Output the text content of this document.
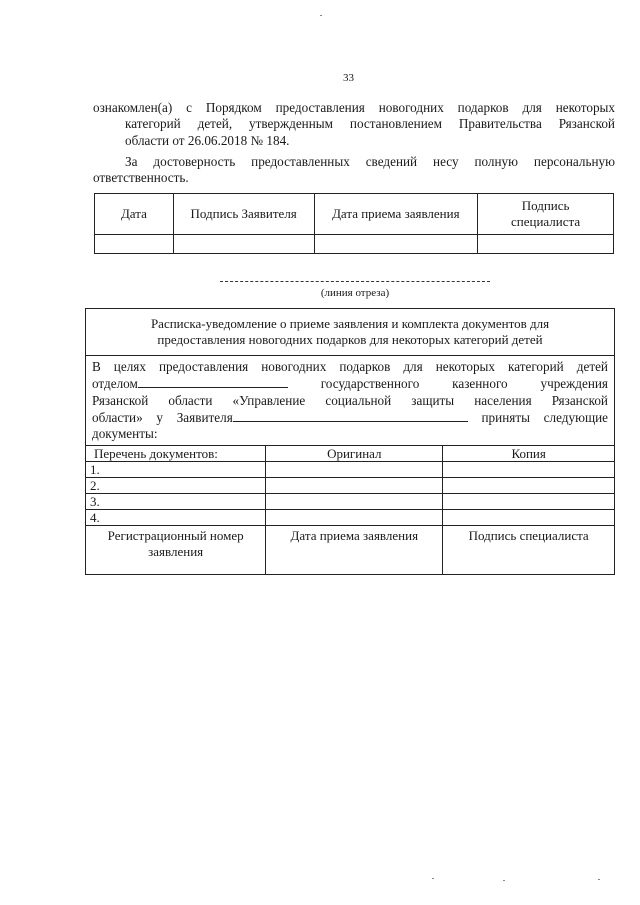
33
ознакомлен(а) с Порядком предоставления новогодних подарков для некоторых
категорий детей, утвержденным постановлением Правительства Рязанской
области от 26.06.2018 № 184.
За достоверность предоставленных сведений несу полную персональную
ответственность.
Дата	Подпись Заявителя	Дата приема заявления	Подпись специалиста

(линия отреза)
Расписка-уведомление о приеме заявления и комплекта документов для
предоставления новогодних подарков для некоторых категорий детей

В целях предоставления новогодних подарков для некоторых категорий детей
отделом	государственного казенного учреждения
Рязанской области «Управление социальной защиты населения Рязанской
области» у Заявителя	приняты следующие
документы:
Перечень документов:	Оригинал	Копия
1.		
2.		
3.		
4.		
Регистрационный номер заявления	Дата приема заявления	Подпись специалиста
